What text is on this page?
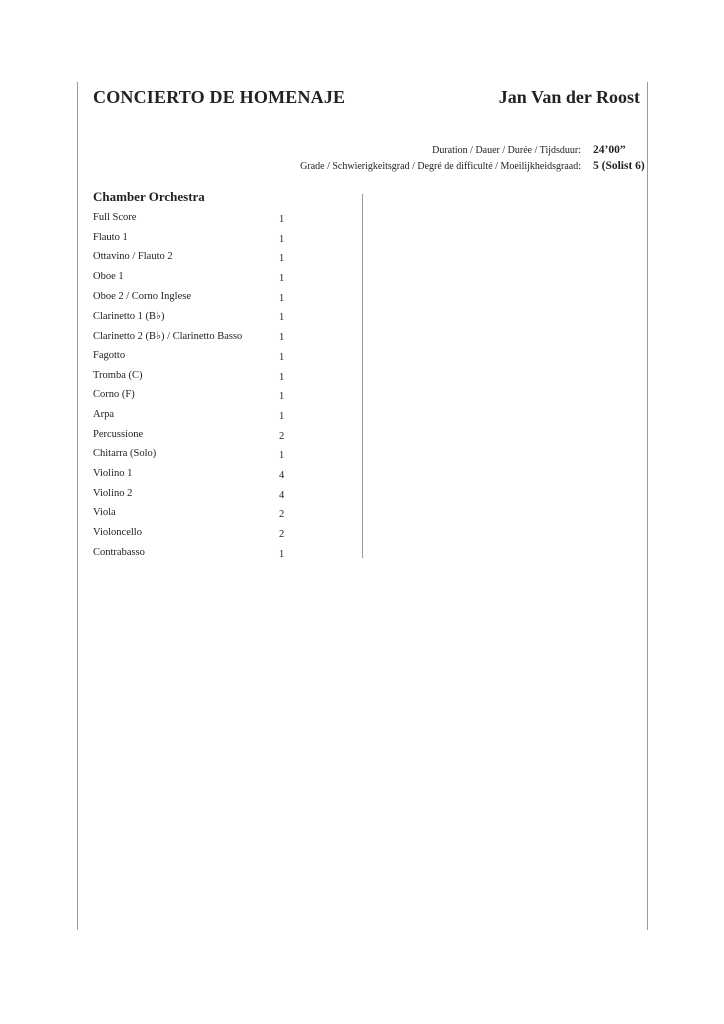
CONCIERTO DE HOMENAJE	Jan Van der Roost
Duration / Dauer / Durée / Tijdsduur:	24’00”
Grade / Schwierigkeitsgrad / Degré de difficulté / Moeilijkheidsgraad:	5 (Solist 6)
Chamber Orchestra
Full Score	1
Flauto 1	1
Ottavino / Flauto 2	1
Oboe 1	1
Oboe 2 / Corno Inglese	1
Clarinetto 1 (B♭)	1
Clarinetto 2 (B♭) / Clarinetto Basso	1
Fagotto	1
Tromba (C)	1
Corno (F)	1
Arpa	1
Percussione	2
Chitarra (Solo)	1
Violino 1	4
Violino 2	4
Viola	2
Violoncello	2
Contrabasso	1
